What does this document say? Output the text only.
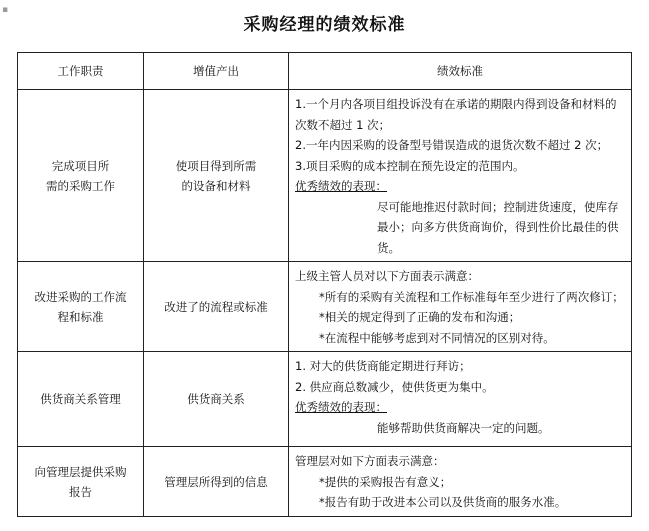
▪
采购经理的绩效标准
工作职责	增值产出	绩效标准

完成项目所
需的采购工作	使项目得到所需
的设备和材料	1.一个月内各项目组投诉没有在承诺的期限内得到设备和材料的次数不超过 1 次；
2.一年内因采购的设备型号错误造成的退货次数不超过 2 次；
3.项目采购的成本控制在预先设定的范围内。
优秀绩效的表现：
尽可能地推迟付款时间；控制进货速度，使库存最小；向多方供货商询价，得到性价比最佳的供货。

改进采购的工作流
程和标准	改进了的流程或标准	上级主管人员对以下方面表示满意：
*所有的采购有关流程和工作标准每年至少进行了两次修订；
*相关的规定得到了正确的发布和沟通；
*在流程中能够考虑到对不同情况的区别对待。

供货商关系管理	供货商关系	1. 对大的供货商能定期进行拜访；
2. 供应商总数减少，使供货更为集中。
优秀绩效的表现：
能够帮助供货商解决一定的问题。

向管理层提供采购
报告	管理层所得到的信息	管理层对如下方面表示满意：
*提供的采购报告有意义；
*报告有助于改进本公司以及供货商的服务水准。
